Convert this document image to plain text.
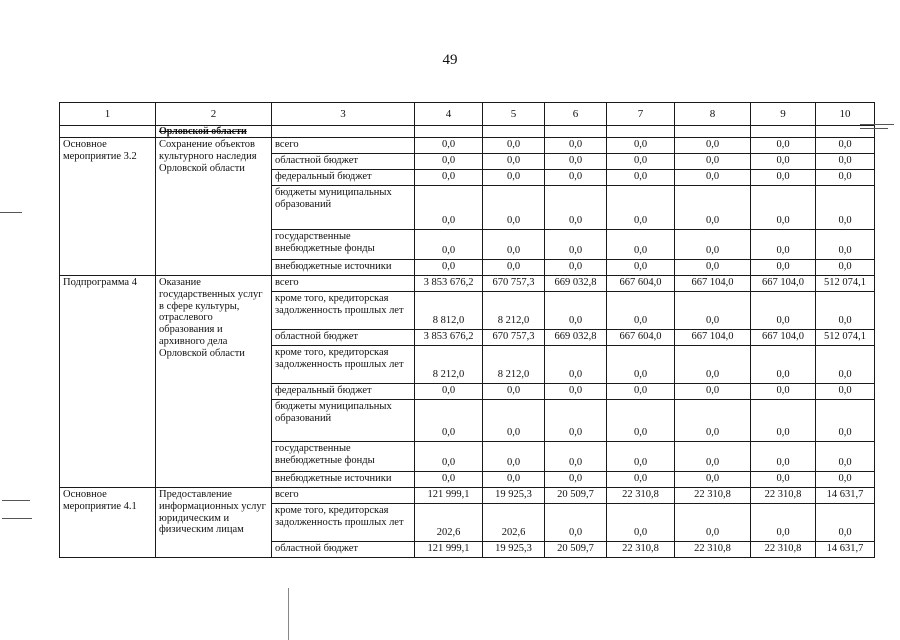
49
1	2	3	4	5	6	7	8	9	10
	Орловской области								
Основное мероприятие 3.2	Сохранение объектов культурного наследия Орловской области	всего	0,0	0,0	0,0	0,0	0,0	0,0	0,0
		областной бюджет	0,0	0,0	0,0	0,0	0,0	0,0	0,0
		федеральный бюджет	0,0	0,0	0,0	0,0	0,0	0,0	0,0
		бюджеты муниципальных образований	0,0	0,0	0,0	0,0	0,0	0,0	0,0
		государственные внебюджетные фонды	0,0	0,0	0,0	0,0	0,0	0,0	0,0
		внебюджетные источники	0,0	0,0	0,0	0,0	0,0	0,0	0,0
Подпрограмма 4	Оказание государственных услуг в сфере культуры, отраслевого образования и архивного дела Орловской области	всего	3 853 676,2	670 757,3	669 032,8	667 604,0	667 104,0	667 104,0	512 074,1
		кроме того, кредиторская задолженность прошлых лет	8 812,0	8 212,0	0,0	0,0	0,0	0,0	0,0
		областной бюджет	3 853 676,2	670 757,3	669 032,8	667 604,0	667 104,0	667 104,0	512 074,1
		кроме того, кредиторская задолженность прошлых лет	8 212,0	8 212,0	0,0	0,0	0,0	0,0	0,0
		федеральный бюджет	0,0	0,0	0,0	0,0	0,0	0,0	0,0
		бюджеты муниципальных образований	0,0	0,0	0,0	0,0	0,0	0,0	0,0
		государственные внебюджетные фонды	0,0	0,0	0,0	0,0	0,0	0,0	0,0
		внебюджетные источники	0,0	0,0	0,0	0,0	0,0	0,0	0,0
Основное мероприятие 4.1	Предоставление информационных услуг юридическим и физическим лицам	всего	121 999,1	19 925,3	20 509,7	22 310,8	22 310,8	22 310,8	14 631,7
		кроме того, кредиторская задолженность прошлых лет	202,6	202,6	0,0	0,0	0,0	0,0	0,0
		областной бюджет	121 999,1	19 925,3	20 509,7	22 310,8	22 310,8	22 310,8	14 631,7
